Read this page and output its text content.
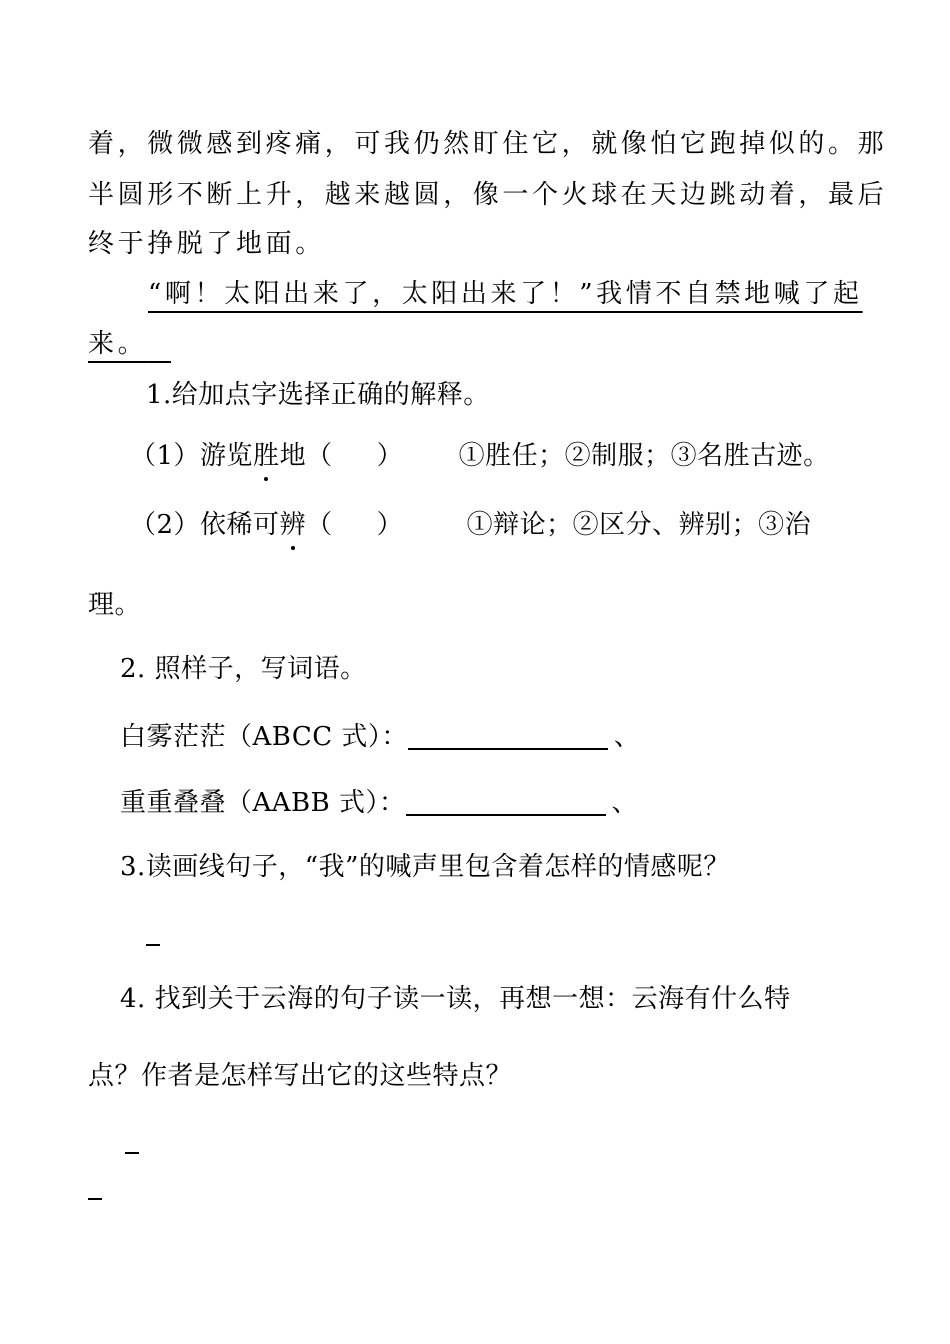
着，微微感到疼痛，可我仍然盯住它，就像怕它跑掉似的。那
半圆形不断上升，越来越圆，像一个火球在天边跳动着，最后
终于挣脱了地面。
“啊！太阳出来了，太阳出来了！”我情不自禁地喊了起
来。
1.给加点字选择正确的解释。
（1）游览胜地（ ） ①胜任；②制服；③名胜古迹。
（2）依稀可辨（ ） ①辩论；②区分、辨别；③治
理。
2. 照样子，写词语。
白雾茫茫（ABCC 式）：	、
重重叠叠（AABB 式）：	、
3.读画线句子，“我”的喊声里包含着怎样的情感呢？
4. 找到关于云海的句子读一读，再想一想：云海有什么特
点？作者是怎样写出它的这些特点？
